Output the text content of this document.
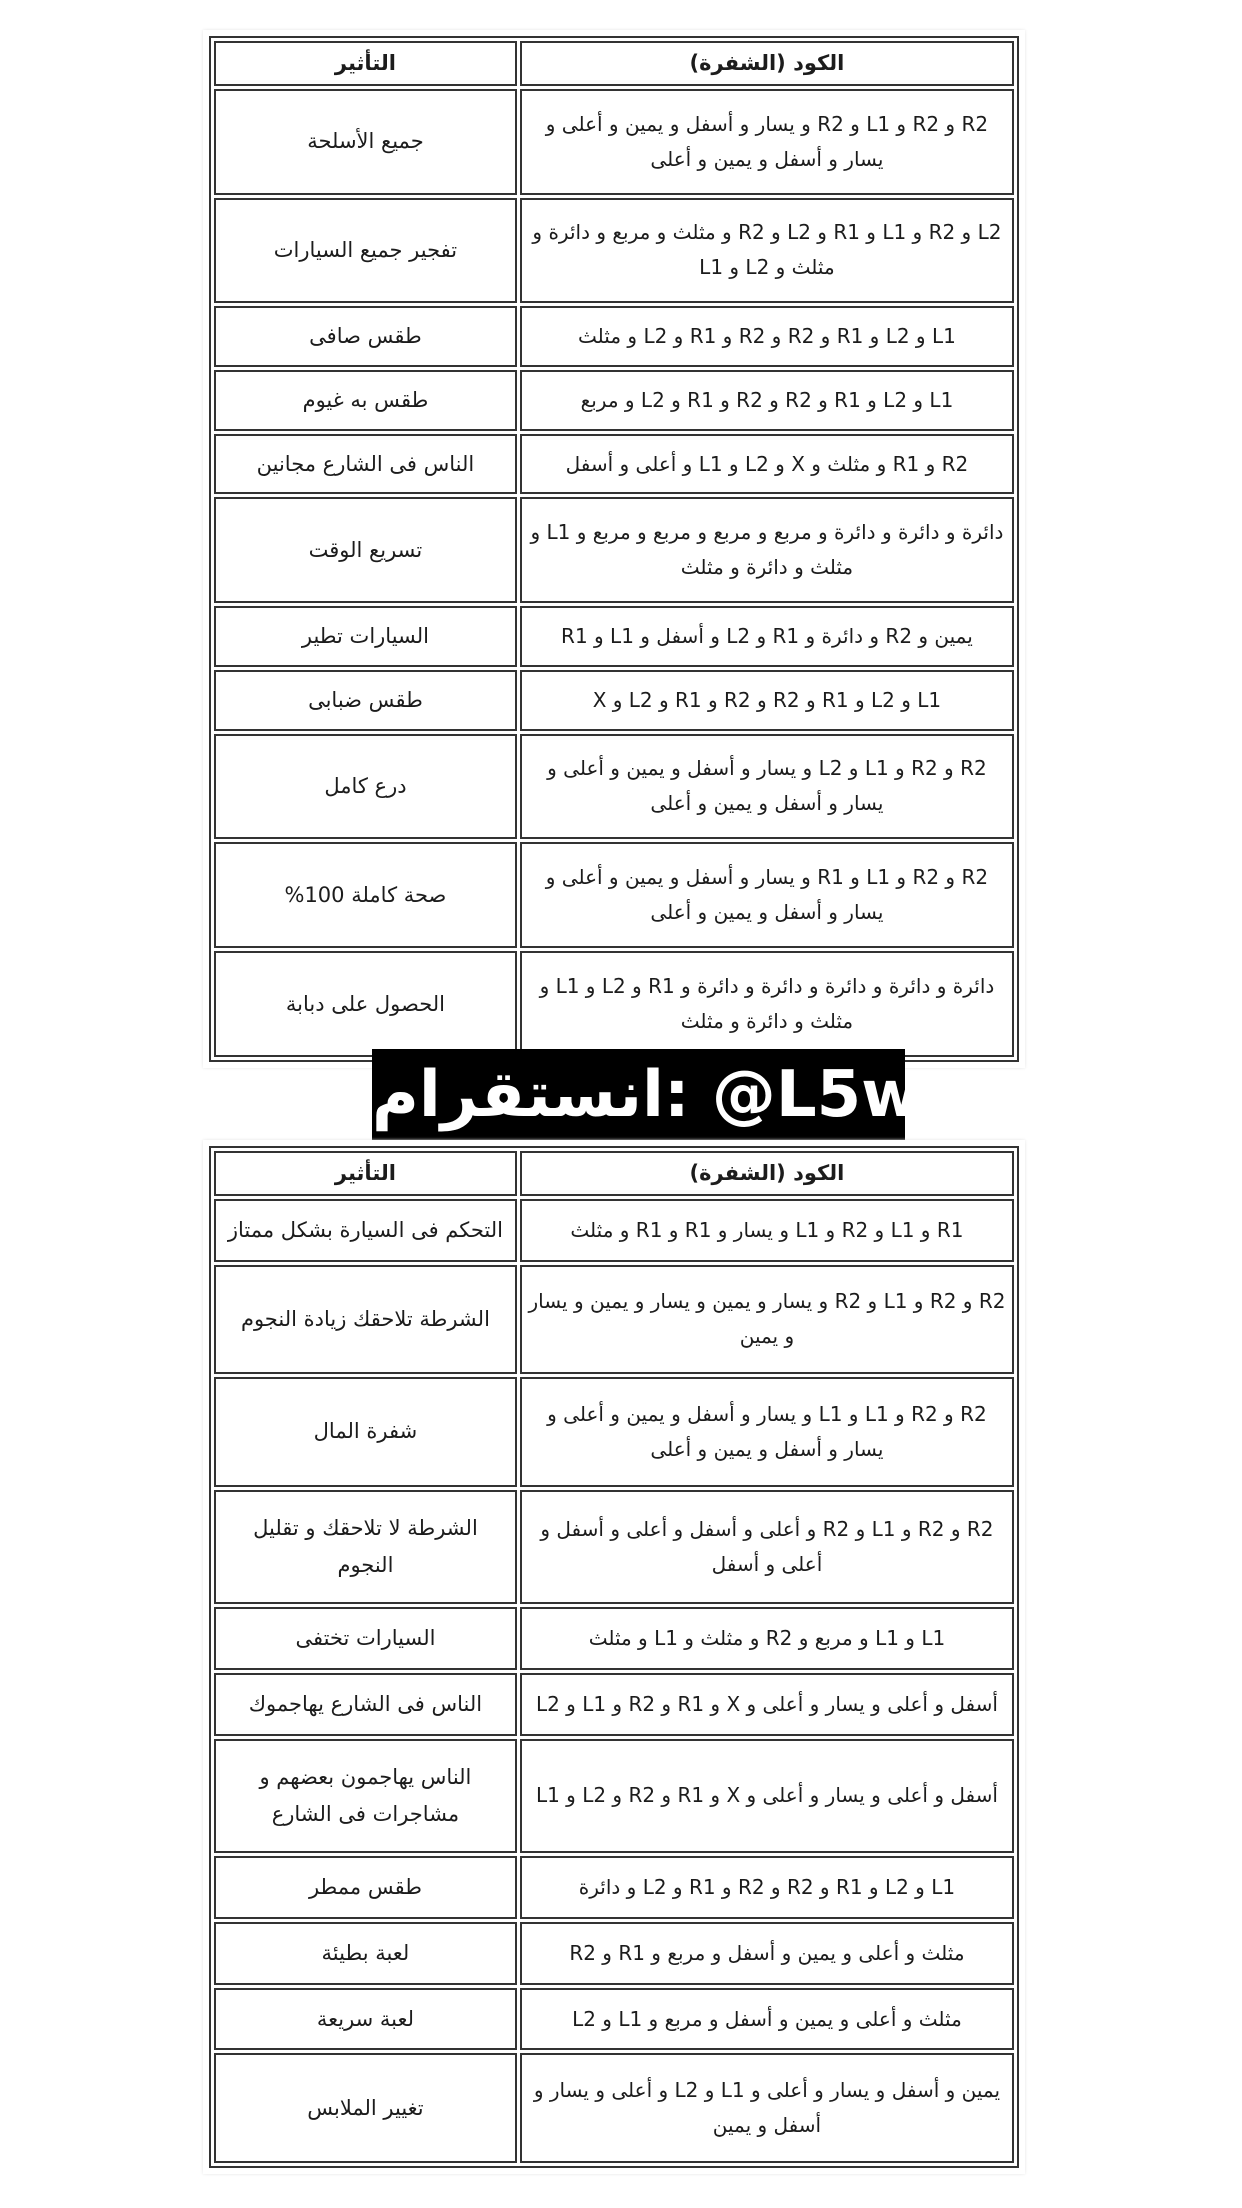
الكود (الشفرة)	التأثير
R2 و R2 و L1 و R2 و يسار و أسفل و يمين و أعلى و يسار و أسفل و يمين و أعلى	جميع الأسلحة
L2 و R2 و L1 و R1 و L2 و R2 و مثلث و مربع و دائرة و مثلث و L2 و L1	تفجير جميع السيارات
L1 و L2 و R1 و R2 و R2 و R1 و L2 و مثلث	طقس صافى
L1 و L2 و R1 و R2 و R2 و R1 و L2 و مربع	طقس به غيوم
R2 و R1 و مثلث و X و L2 و L1 و أعلى و أسفل	الناس فى الشارع مجانين
دائرة و دائرة و دائرة و مربع و مربع و مربع و مربع و L1 و مثلث و دائرة و مثلث	تسريع الوقت
يمين و R2 و دائرة و R1 و L2 و أسفل و L1 و R1	السيارات تطير
L1 و L2 و R1 و R2 و R2 و R1 و L2 و X	طقس ضبابى
R2 و R2 و L1 و L2 و يسار و أسفل و يمين و أعلى و يسار و أسفل و يمين و أعلى	درع كامل
R2 و R2 و L1 و R1 و يسار و أسفل و يمين و أعلى و يسار و أسفل و يمين و أعلى	صحة كاملة 100%
دائرة و دائرة و دائرة و دائرة و دائرة و R1 و L2 و L1 و مثلث و دائرة و مثلث	الحصول على دبابة
انستقرام: @L5wc
الكود (الشفرة)	التأثير
R1 و L1 و R2 و L1 و يسار و R1 و R1 و مثلث	التحكم فى السيارة بشكل ممتاز
R2 و R2 و L1 و R2 و يسار و يمين و يسار و يمين و يسار و يمين	الشرطة تلاحقك زيادة النجوم
R2 و R2 و L1 و L1 و يسار و أسفل و يمين و أعلى و يسار و أسفل و يمين و أعلى	شفرة المال
R2 و R2 و L1 و R2 و أعلى و أسفل و أعلى و أسفل و أعلى و أسفل	الشرطة لا تلاحقك و تقليل النجوم
L1 و L1 و مربع و R2 و مثلث و L1 و مثلث	السيارات تختفى
أسفل و أعلى و يسار و أعلى و X و R1 و R2 و L1 و L2	الناس فى الشارع يهاجموك
أسفل و أعلى و يسار و أعلى و X و R1 و R2 و L2 و L1	الناس يهاجمون بعضهم و مشاجرات فى الشارع
L1 و L2 و R1 و R2 و R2 و R1 و L2 و دائرة	طقس ممطر
مثلث و أعلى و يمين و أسفل و مربع و R1 و R2	لعبة بطيئة
مثلث و أعلى و يمين و أسفل و مربع و L1 و L2	لعبة سريعة
يمين و أسفل و يسار و أعلى و L1 و L2 و أعلى و يسار و أسفل و يمين	تغيير الملابس
